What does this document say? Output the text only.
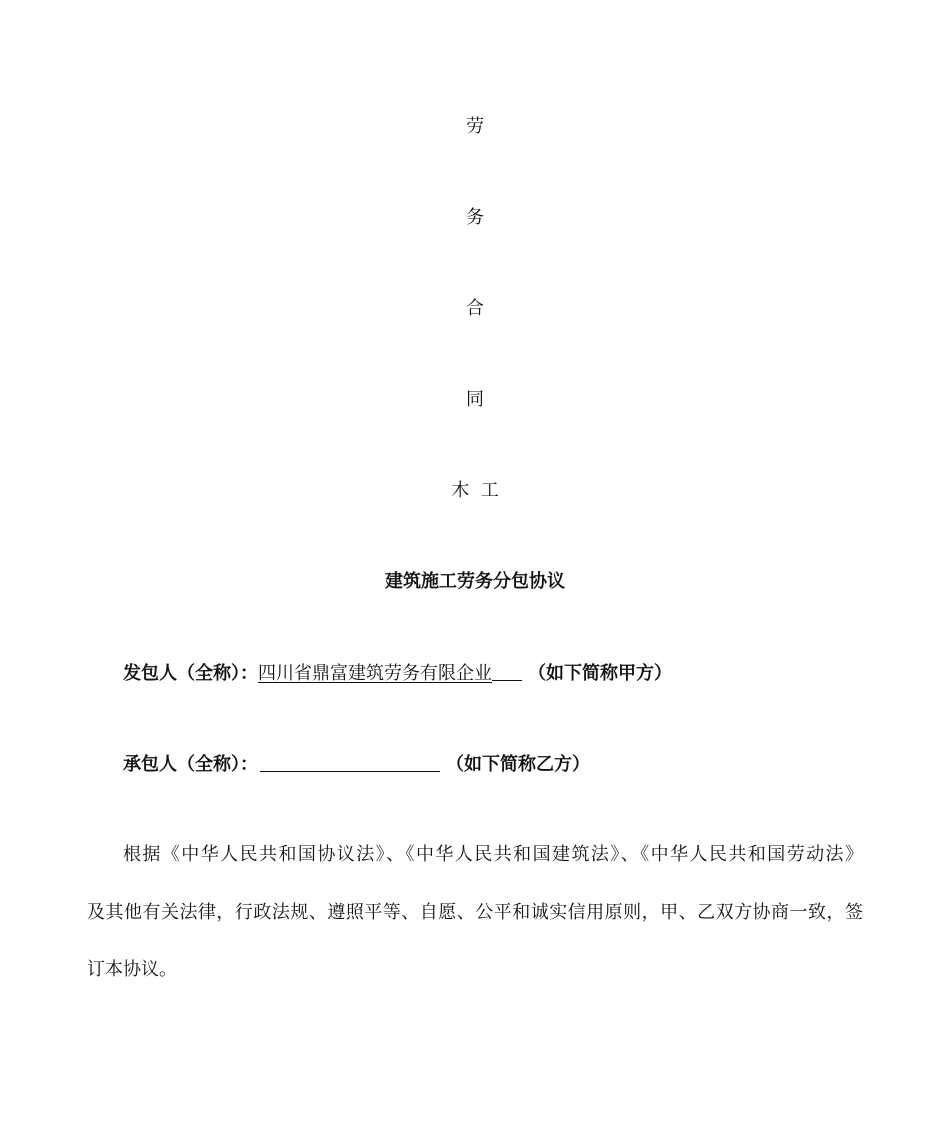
劳
务
合
同
木  工
建筑施工劳务分包协议
发包人（全称）：四川省鼎富建筑劳务有限企业 （如下简称甲方）
承包人（全称）：	（如下简称乙方）
根据《中华人民共和国协议法》、《中华人民共和国建筑法》、《中华人民共和国劳动法》
及其他有关法律，行政法规、遵照平等、自愿、公平和诚实信用原则，甲、乙双方协商一致，签
订本协议。
